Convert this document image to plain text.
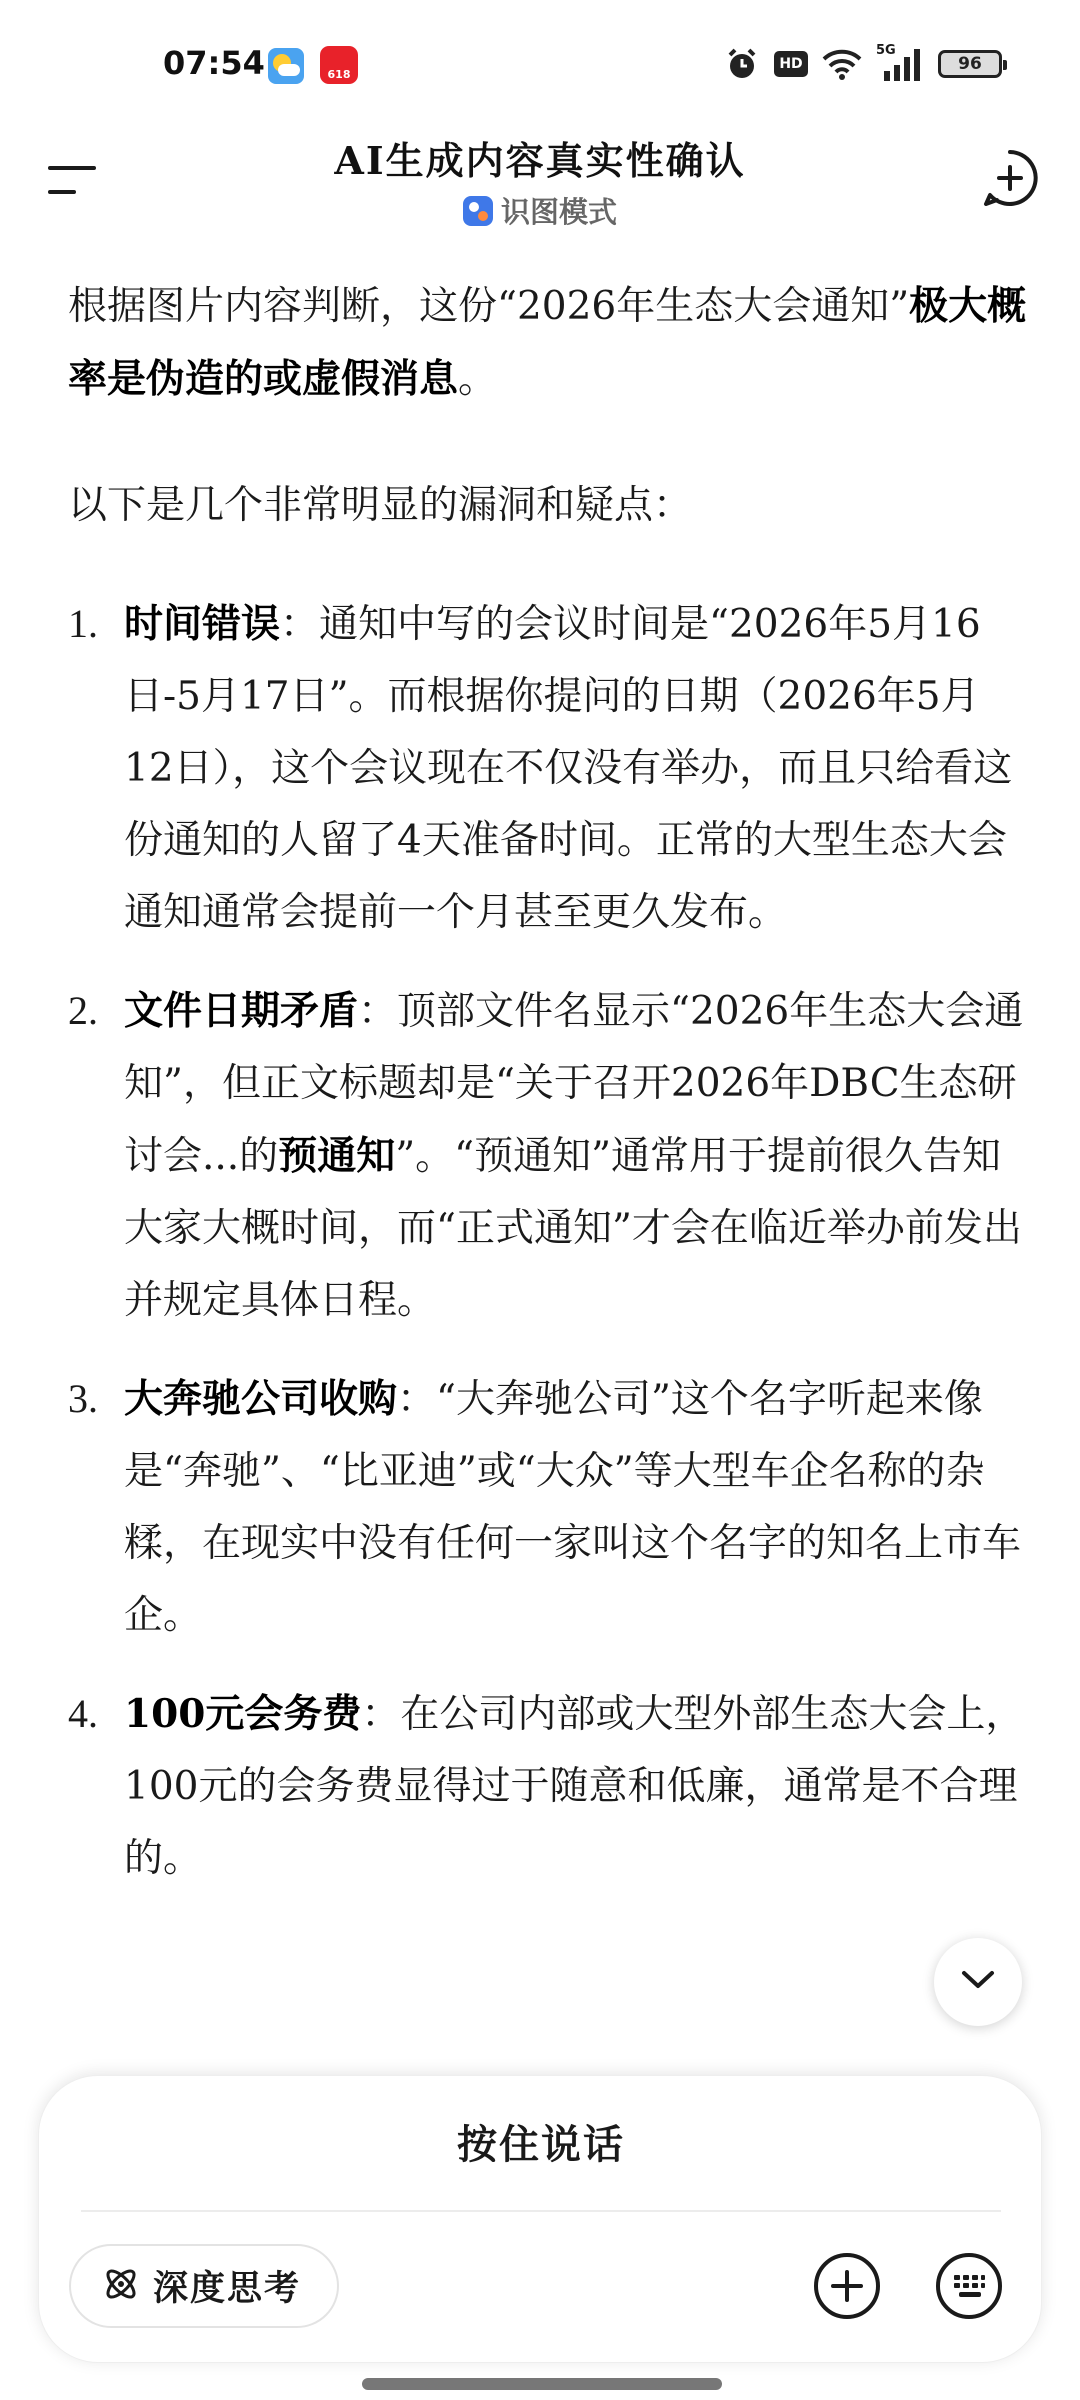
07:54	618
HD
5G
96
AI生成内容真实性确认
识图模式

根据图片内容判断，这份“2026年生态大会通知”极大概率是伪造的或虚假消息。

以下是几个非常明显的漏洞和疑点：

1. 时间错误：通知中写的会议时间是“2026年5月16日-5月17日”。而根据你提问的日期（2026年5月12日），这个会议现在不仅没有举办，而且只给看这份通知的人留了4天准备时间。正常的大型生态大会通知通常会提前一个月甚至更久发布。
2. 文件日期矛盾：顶部文件名显示“2026年生态大会通知”，但正文标题却是“关于召开2026年DBC生态研讨会...的预通知”。“预通知”通常用于提前很久告知大家大概时间，而“正式通知”才会在临近举办前发出并规定具体日程。
3. 大奔驰公司收购：“大奔驰公司”这个名字听起来像是“奔驰”、“比亚迪”或“大众”等大型车企名称的杂糅，在现实中没有任何一家叫这个名字的知名上市车企。
4. 100元会务费：在公司内部或大型外部生态大会上，100元的会务费显得过于随意和低廉，通常是不合理的。
按住说话
深度思考
